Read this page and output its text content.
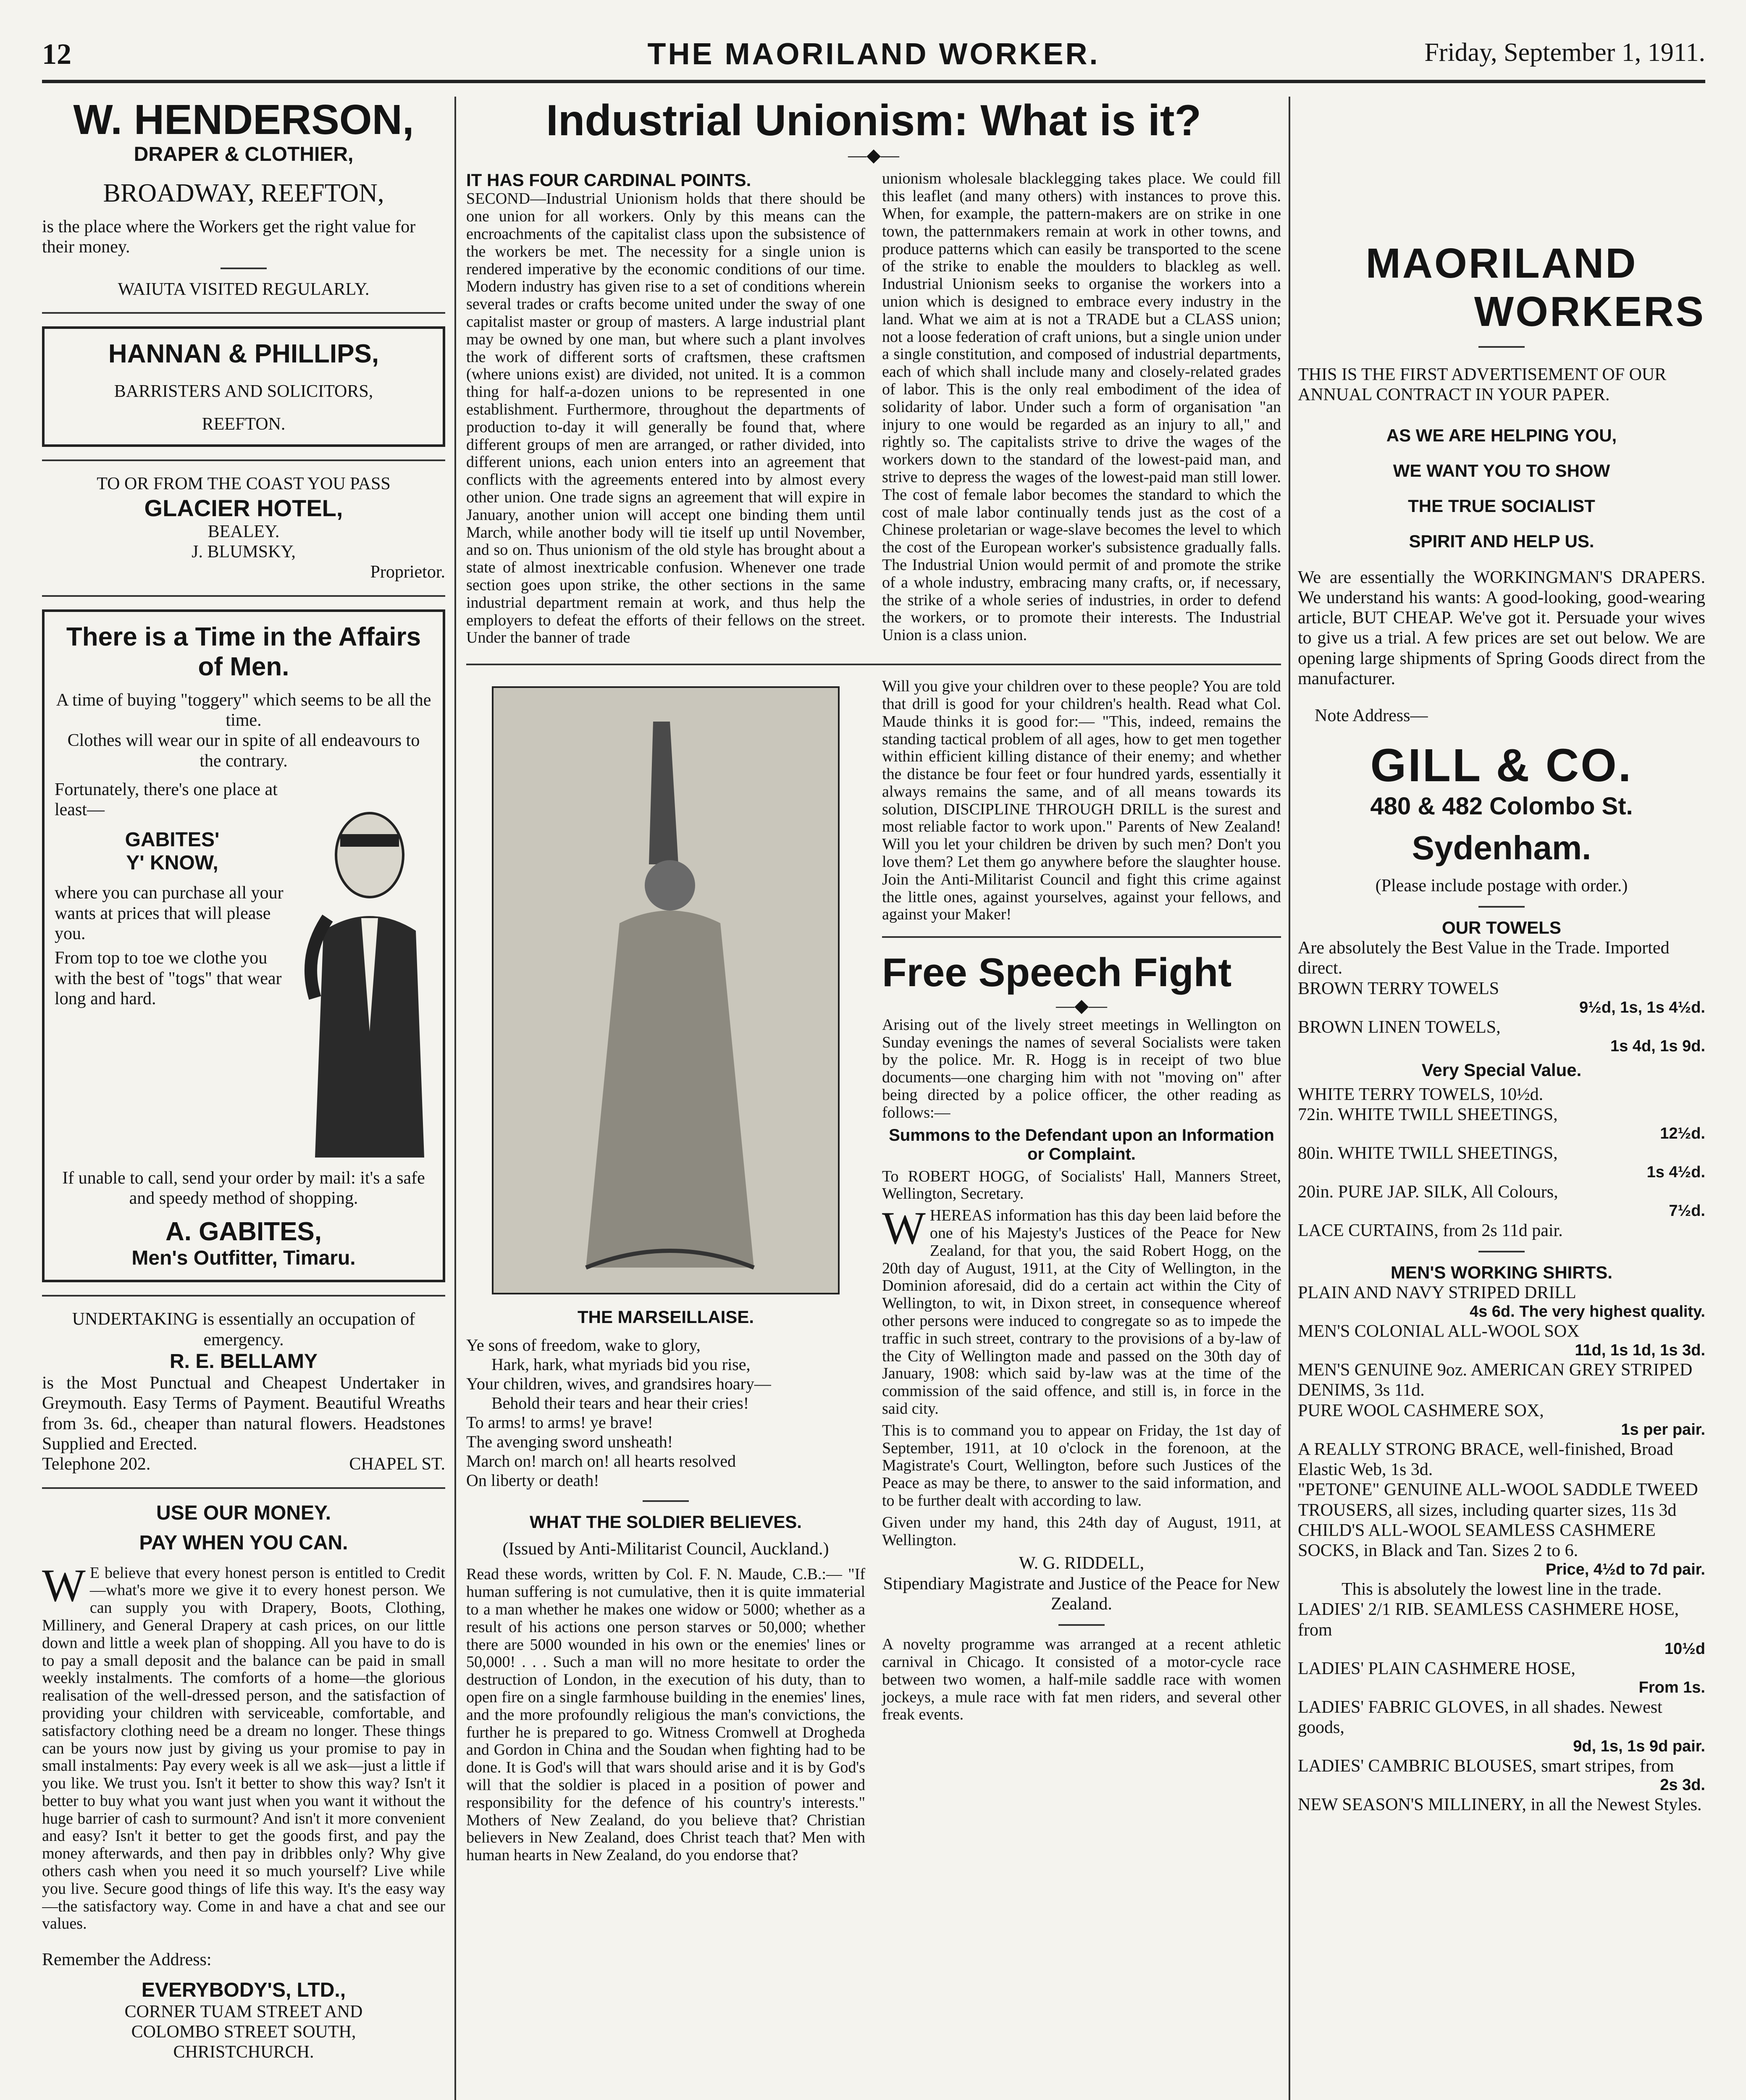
12	THE MAORILAND WORKER.	Friday, September 1, 1911.
W. HENDERSON,
DRAPER & CLOTHIER,
BROADWAY, REEFTON,
is the place where the Workers get the right value for their money.
WAIUTA VISITED REGULARLY.
HANNAN & PHILLIPS,
BARRISTERS AND SOLICITORS,
REEFTON.
TO OR FROM THE COAST YOU PASS
GLACIER HOTEL,
BEALEY.
J. BLUMSKY,
Proprietor.
There is a Time in the Affairs of Men.
A time of buying "toggery" which seems to be all the time.
Clothes will wear our in spite of all endeavours to the contrary.
Fortunately, there's one place at least—
GABITES'
Y' KNOW,
where you can purchase all your wants at prices that will please you.
From top to toe we clothe you with the best of "togs" that wear long and hard.
If unable to call, send your order by mail: it's a safe and speedy method of shopping.
A. GABITES,
Men's Outfitter, Timaru.
UNDERTAKING is essentially an occupation of emergency.
R. E. BELLAMY
is the Most Punctual and Cheapest Undertaker in Greymouth. Easy Terms of Payment. Beautiful Wreaths from 3s. 6d., cheaper than natural flowers. Headstones Supplied and Erected.
Telephone 202.	CHAPEL ST.
USE OUR MONEY.
PAY WHEN YOU CAN.
W E believe that every honest person is entitled to Credit—what's more we give it to every honest person. We can supply you with Drapery, Boots, Clothing, Millinery, and General Drapery at cash prices, on our little down and little a week plan of shopping. All you have to do is to pay a small deposit and the balance can be paid in small weekly instalments. The comforts of a home—the glorious realisation of the well-dressed person, and the satisfaction of providing your children with serviceable, comfortable, and satisfactory clothing need be a dream no longer. These things can be yours now just by giving us your promise to pay in small instalments: Pay every week is all we ask—just a little if you like. We trust you. Isn't it better to show this way? Isn't it better to buy what you want just when you want it without the huge barrier of cash to surmount? And isn't it more convenient and easy? Isn't it better to get the goods first, and pay the money afterwards, and then pay in dribbles only? Why give others cash when you need it so much yourself? Live while you live. Secure good things of life this way. It's the easy way—the satisfactory way. Come in and have a chat and see our values.
Remember the Address:
EVERYBODY'S, LTD.,
CORNER TUAM STREET AND
COLOMBO STREET SOUTH,
CHRISTCHURCH.
Industrial Unionism: What is it?
—◆—
IT HAS FOUR CARDINAL POINTS.
SECOND—Industrial Unionism holds that there should be one union for all workers. Only by this means can the encroachments of the capitalist class upon the subsistence of the workers be met. The necessity for a single union is rendered imperative by the economic conditions of our time. Modern industry has given rise to a set of conditions wherein several trades or crafts become united under the sway of one capitalist master or group of masters. A large industrial plant may be owned by one man, but where such a plant involves the work of different sorts of craftsmen, these craftsmen (where unions exist) are divided, not united. It is a common thing for half-a-dozen unions to be represented in one establishment. Furthermore, throughout the departments of production to-day it will generally be found that, where different groups of men are arranged, or rather divided, into different unions, each union enters into an agreement that conflicts with the agreements entered into by almost every other union. One trade signs an agreement that will expire in January, another union will accept one binding them until March, while another body will tie itself up until November, and so on. Thus unionism of the old style has brought about a state of almost inextricable confusion. Whenever one trade section goes upon strike, the other sections in the same industrial department remain at work, and thus help the employers to defeat the efforts of their fellows on the street. Under the banner of trade
unionism wholesale blacklegging takes place. We could fill this leaflet (and many others) with instances to prove this. When, for example, the pattern-makers are on strike in one town, the patternmakers remain at work in other towns, and produce patterns which can easily be transported to the scene of the strike to enable the moulders to blackleg as well. Industrial Unionism seeks to organise the workers into a union which is designed to embrace every industry in the land. What we aim at is not a TRADE but a CLASS union; not a loose federation of craft unions, but a single union under a single constitution, and composed of industrial departments, each of which shall include many and closely-related grades of labor. This is the only real embodiment of the idea of solidarity of labor. Under such a form of organisation "an injury to one would be regarded as an injury to all," and rightly so. The capitalists strive to drive the wages of the workers down to the standard of the lowest-paid man, and strive to depress the wages of the lowest-paid man still lower. The cost of female labor becomes the standard to which the cost of male labor continually tends just as the cost of a Chinese proletarian or wage-slave becomes the level to which the cost of the European worker's subsistence gradually falls. The Industrial Union would permit of and promote the strike of a whole industry, embracing many crafts, or, if necessary, the strike of a whole series of industries, in order to defend the workers, or to promote their interests. The Industrial Union is a class union.
THE MARSEILLAISE.
Ye sons of freedom, wake to glory,
Hark, hark, what myriads bid you rise,
Your children, wives, and grandsires hoary—
Behold their tears and hear their cries!
To arms! to arms! ye brave!
The avenging sword unsheath!
March on! march on! all hearts resolved
On liberty or death!
WHAT THE SOLDIER BELIEVES.
(Issued by Anti-Militarist Council, Auckland.)
Read these words, written by Col. F. N. Maude, C.B.:— "If human suffering is not cumulative, then it is quite immaterial to a man whether he makes one widow or 5000; whether as a result of his actions one person starves or 50,000; whether there are 5000 wounded in his own or the enemies' lines or 50,000! . . . Such a man will no more hesitate to order the destruction of London, in the execution of his duty, than to open fire on a single farmhouse building in the enemies' lines, and the more profoundly religious the man's convictions, the further he is prepared to go. Witness Cromwell at Drogheda and Gordon in China and the Soudan when fighting had to be done. It is God's will that wars should arise and it is by God's will that the soldier is placed in a position of power and responsibility for the defence of his country's interests." Mothers of New Zealand, do you believe that? Christian believers in New Zealand, does Christ teach that? Men with human hearts in New Zealand, do you endorse that?
Will you give your children over to these people? You are told that drill is good for your children's health. Read what Col. Maude thinks it is good for:— "This, indeed, remains the standing tactical problem of all ages, how to get men together within efficient killing distance of their enemy; and whether the distance be four feet or four hundred yards, essentially it always remains the same, and of all means towards its solution, DISCIPLINE THROUGH DRILL is the surest and most reliable factor to work upon." Parents of New Zealand! Will you let your children be driven by such men? Don't you love them? Let them go anywhere before the slaughter house. Join the Anti-Militarist Council and fight this crime against the little ones, against yourselves, against your fellows, and against your Maker!
Free Speech Fight
—◆—
Arising out of the lively street meetings in Wellington on Sunday evenings the names of several Socialists were taken by the police. Mr. R. Hogg is in receipt of two blue documents—one charging him with not "moving on" after being directed by a police officer, the other reading as follows:—
Summons to the Defendant upon an Information or Complaint.
To ROBERT HOGG, of Socialists' Hall, Manners Street, Wellington, Secretary.
WHEREAS information has this day been laid before the one of his Majesty's Justices of the Peace for New Zealand, for that you, the said Robert Hogg, on the 20th day of August, 1911, at the City of Wellington, in the Dominion aforesaid, did do a certain act within the City of Wellington, to wit, in Dixon street, in consequence whereof other persons were induced to congregate so as to impede the traffic in such street, contrary to the provisions of a by-law of the City of Wellington made and passed on the 30th day of January, 1908: which said by-law was at the time of the commission of the said offence, and still is, in force in the said city.
This is to command you to appear on Friday, the 1st day of September, 1911, at 10 o'clock in the forenoon, at the Magistrate's Court, Wellington, before such Justices of the Peace as may be there, to answer to the said information, and to be further dealt with according to law.
Given under my hand, this 24th day of August, 1911, at Wellington.
W. G. RIDDELL,
Stipendiary Magistrate and Justice of the Peace for New Zealand.
A novelty programme was arranged at a recent athletic carnival in Chicago. It consisted of a motor-cycle race between two women, a half-mile saddle race with women jockeys, a mule race with fat men riders, and several other freak events.
MAORILAND
WORKERS
THIS IS THE FIRST ADVERTISEMENT OF OUR ANNUAL CONTRACT IN YOUR PAPER.
AS WE ARE HELPING YOU,
WE WANT YOU TO SHOW
THE TRUE SOCIALIST
SPIRIT AND HELP US.
We are essentially the WORKINGMAN'S DRAPERS. We understand his wants: A good-looking, good-wearing article, BUT CHEAP. We've got it. Persuade your wives to give us a trial. A few prices are set out below. We are opening large shipments of Spring Goods direct from the manufacturer.
Note Address—
GILL & CO.
480 & 482 Colombo St.
Sydenham.
(Please include postage with order.)
OUR TOWELS
Are absolutely the Best Value in the Trade. Imported direct.
BROWN TERRY TOWELS
9½d, 1s, 1s 4½d.
BROWN LINEN TOWELS,
1s 4d, 1s 9d.
Very Special Value.
WHITE TERRY TOWELS, 10½d.
72in. WHITE TWILL SHEETINGS,
12½d.
80in. WHITE TWILL SHEETINGS,
1s 4½d.
20in. PURE JAP. SILK, All Colours,
7½d.
LACE CURTAINS, from 2s 11d pair.
MEN'S WORKING SHIRTS.
PLAIN AND NAVY STRIPED DRILL
4s 6d. The very highest quality.
MEN'S COLONIAL ALL-WOOL SOX
11d, 1s 1d, 1s 3d.
MEN'S GENUINE 9oz. AMERICAN GREY STRIPED DENIMS, 3s 11d.
PURE WOOL CASHMERE SOX,
1s per pair.
A REALLY STRONG BRACE, well-finished, Broad Elastic Web, 1s 3d.
"PETONE" GENUINE ALL-WOOL SADDLE TWEED TROUSERS, all sizes, including quarter sizes, 11s 3d
CHILD'S ALL-WOOL SEAMLESS CASHMERE SOCKS, in Black and Tan. Sizes 2 to 6.
Price, 4½d to 7d pair.
This is absolutely the lowest line in the trade.
LADIES' 2/1 RIB. SEAMLESS CASHMERE HOSE, from
10½d
LADIES' PLAIN CASHMERE HOSE,
From 1s.
LADIES' FABRIC GLOVES, in all shades. Newest goods,
9d, 1s, 1s 9d pair.
LADIES' CAMBRIC BLOUSES, smart stripes, from
2s 3d.
NEW SEASON'S MILLINERY, in all the Newest Styles.
